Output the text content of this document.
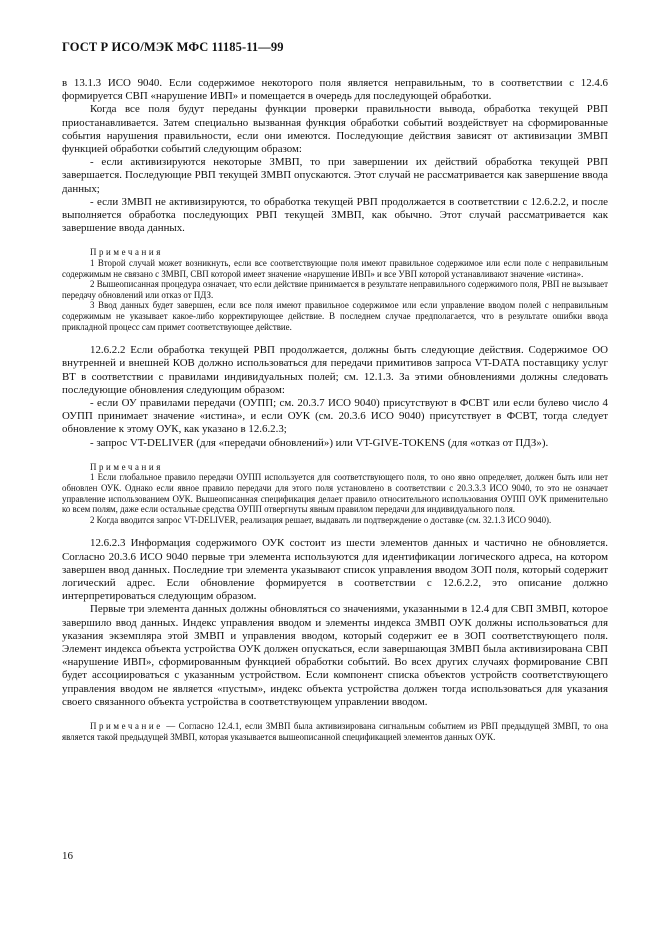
ГОСТ Р ИСО/МЭК МФС 11185-11—99

в 13.1.3 ИСО 9040. Если содержимое некоторого поля является неправильным, то в соответствии с 12.4.6 формируется СВП «нарушение ИВП» и помещается в очередь для последующей обработки.

Когда все поля будут переданы функции проверки правильности вывода, обработка текущей РВП приостанавливается. Затем специально вызванная функция обработки событий воздействует на сформированные события нарушения правильности, если они имеются. Последующие действия зависят от активизации ЗМВП функцией обработки событий следующим образом:

- если активизируются некоторые ЗМВП, то при завершении их действий обработка текущей РВП завершается. Последующие РВП текущей ЗМВП опускаются. Этот случай не рассматривается как завершение ввода данных;

- если ЗМВП не активизируются, то обработка текущей РВП продолжается в соответствии с 12.6.2.2, и после выполняется обработка последующих РВП текущей ЗМВП, как обычно. Этот случай рассматривается как завершение ввода данных.

Примечания

1 Второй случай может возникнуть, если все соответствующие поля имеют правильное содержимое или если поле с неправильным содержимым не связано с ЗМВП, СВП которой имеет значение «нарушение ИВП» и все УВП которой устанавливают значение «истина».

2 Вышеописанная процедура означает, что если действие принимается в результате неправильного содержимого поля, РВП не вызывает передачу обновлений или отказ от ПДЗ.

3 Ввод данных будет завершен, если все поля имеют правильное содержимое или если управление вводом полей с неправильным содержимым не указывает какое-либо корректирующее действие. В последнем случае предполагается, что в результате ошибки ввода прикладной процесс сам примет соответствующее действие.

12.6.2.2 Если обработка текущей РВП продолжается, должны быть следующие действия. Содержимое ОО внутренней и внешней КОВ должно использоваться для передачи примитивов запроса VT-DATA поставщику услуг ВТ в соответствии с правилами индивидуальных полей; см. 12.1.3. За этими обновлениями должны следовать последующие обновления следующим образом:

- если ОУ правилами передачи (ОУПП; см. 20.3.7 ИСО 9040) присутствуют в ФСВТ или если булево число 4 ОУПП принимает значение «истина», и если ОУК (см. 20.3.6 ИСО 9040) присутствует в ФСВТ, тогда следует обновление к этому ОУК, как указано в 12.6.2.3;

- запрос VT-DELIVER (для «передачи обновлений») или VT-GIVE-TOKENS (для «отказ от ПДЗ»).

Примечания

1 Если глобальное правило передачи ОУПП используется для соответствующего поля, то оно явно определяет, должен быть или нет обновлен ОУК. Однако если явное правило передачи для этого поля установлено в соответствии с 20.3.3.3 ИСО 9040, то это не означает управление использованием ОУК. Вышеописанная спецификация делает правило относительного использования ОУПП ОУК применительно ко всем полям, даже если остальные средства ОУПП отвергнуты явным правилом передачи для индивидуального поля.

2 Когда вводится запрос VT-DELIVER, реализация решает, выдавать ли подтверждение о доставке (см. 32.1.3 ИСО 9040).

12.6.2.3 Информация содержимого ОУК состоит из шести элементов данных и частично не обновляется. Согласно 20.3.6 ИСО 9040 первые три элемента используются для идентификации логического адреса, на котором завершен ввод данных. Последние три элемента указывают список управления вводом ЗОП поля, который содержит логический адрес. Если обновление формируется в соответствии с 12.6.2.2, это описание должно интерпретироваться следующим образом.

Первые три элемента данных должны обновляться со значениями, указанными в 12.4 для СВП ЗМВП, которое завершило ввод данных. Индекс управления вводом и элементы индекса ЗМВП ОУК должны использоваться для указания экземпляра этой ЗМВП и управления вводом, который содержит ее в ЗОП соответствующего поля. Элемент индекса объекта устройства ОУК должен опускаться, если завершающая ЗМВП была активизирована СВП «нарушение ИВП», сформированным функцией обработки событий. Во всех других случаях формирование СВП будет ассоциироваться с указанным устройством. Если компонент списка объектов устройств соответствующего управления вводом не является «пустым», индекс объекта устройства должен тогда использоваться для указания своего связанного объекта устройства в соответствующем управлении вводом.

Примечание — Согласно 12.4.1, если ЗМВП была активизирована сигнальным событием из РВП предыдущей ЗМВП, то она является такой предыдущей ЗМВП, которая указывается вышеописанной спецификацией элементов данных ОУК.

16
